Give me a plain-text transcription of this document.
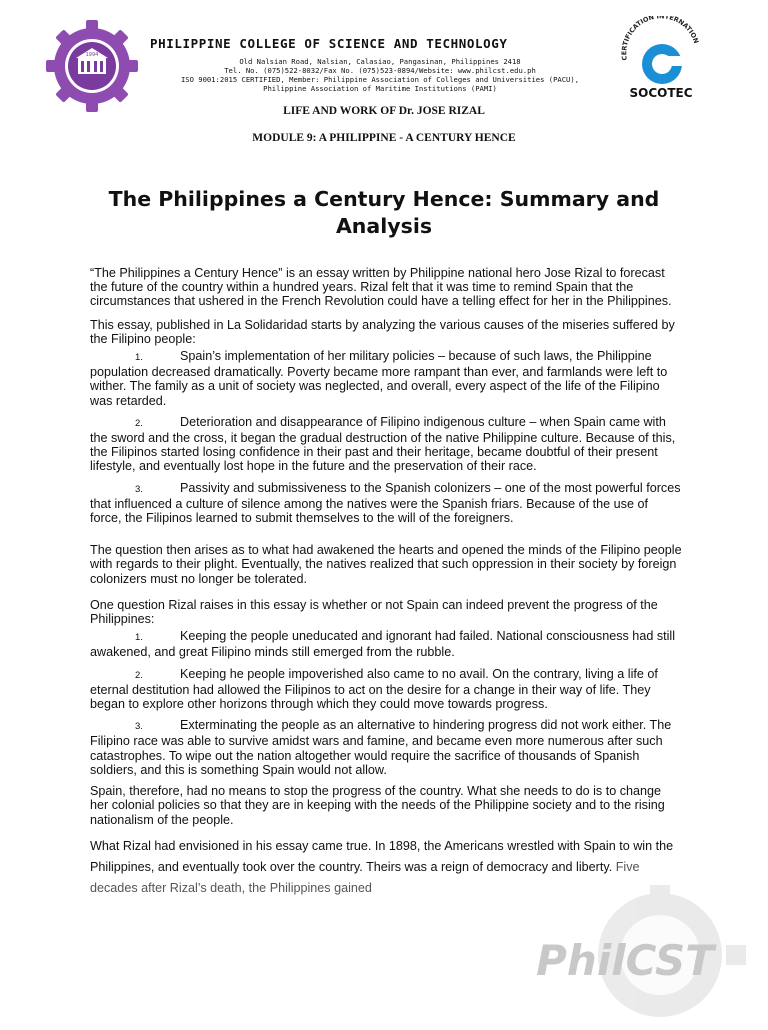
1994
PHILIPPINE COLLEGE OF SCIENCE AND TECHNOLOGY
Old Nalsian Road, Nalsian, Calasiao, Pangasinan, Philippines 2418
Tel. No. (075)522-8032/Fax No. (075)523-0894/Website: www.philcst.edu.ph
ISO 9001:2015 CERTIFIED, Member: Philippine Association of Colleges and Universities (PACU),
Philippine Association of Maritime Institutions (PAMI)
CERTIFICATION INTERNATION
SOCOTEC
LIFE AND WORK OF Dr. JOSE RIZAL
MODULE 9: A PHILIPPINE - A CENTURY HENCE
The Philippines a Century Hence: Summary and Analysis
PhilCST

“The Philippines a Century Hence” is an essay written by Philippine national hero Jose Rizal to forecast the future of the country within a hundred years. Rizal felt that it was time to remind Spain that the circumstances that ushered in the French Revolution could have a telling effect for her in the Philippines.

This essay, published in La Solidaridad starts by analyzing the various causes of the miseries suffered by the Filipino people:

1.	Spain’s implementation of her military policies – because of such laws, the Philippine population decreased dramatically. Poverty became more rampant than ever, and farmlands were left to wither. The family as a unit of society was neglected, and overall, every aspect of the life of the Filipino was retarded.
2.	Deterioration and disappearance of Filipino indigenous culture – when Spain came with the sword and the cross, it began the gradual destruction of the native Philippine culture. Because of this, the Filipinos started losing confidence in their past and their heritage, became doubtful of their present lifestyle, and eventually lost hope in the future and the preservation of their race.
3.	Passivity and submissiveness to the Spanish colonizers – one of the most powerful forces that influenced a culture of silence among the natives were the Spanish friars. Because of the use of force, the Filipinos learned to submit themselves to the will of the foreigners.

The question then arises as to what had awakened the hearts and opened the minds of the Filipino people with regards to their plight. Eventually, the natives realized that such oppression in their society by foreign colonizers must no longer be tolerated.

One question Rizal raises in this essay is whether or not Spain can indeed prevent the progress of the Philippines:

1.	Keeping the people uneducated and ignorant had failed. National consciousness had still awakened, and great Filipino minds still emerged from the rubble.
2.	Keeping he people impoverished also came to no avail. On the contrary, living a life of eternal destitution had allowed the Filipinos to act on the desire for a change in their way of life. They began to explore other horizons through which they could move towards progress.
3.	Exterminating the people as an alternative to hindering progress did not work either. The Filipino race was able to survive amidst wars and famine, and became even more numerous after such catastrophes. To wipe out the nation altogether would require the sacrifice of thousands of Spanish soldiers, and this is something Spain would not allow.

Spain, therefore, had no means to stop the progress of the country. What she needs to do is to change her colonial policies so that they are in keeping with the needs of the Philippine society and to the rising nationalism of the people.

What Rizal had envisioned in his essay came true. In 1898, the Americans wrestled with Spain to win the Philippines, and eventually took over the country. Theirs was a reign of democracy and liberty. Five decades after Rizal’s death, the Philippines gained
